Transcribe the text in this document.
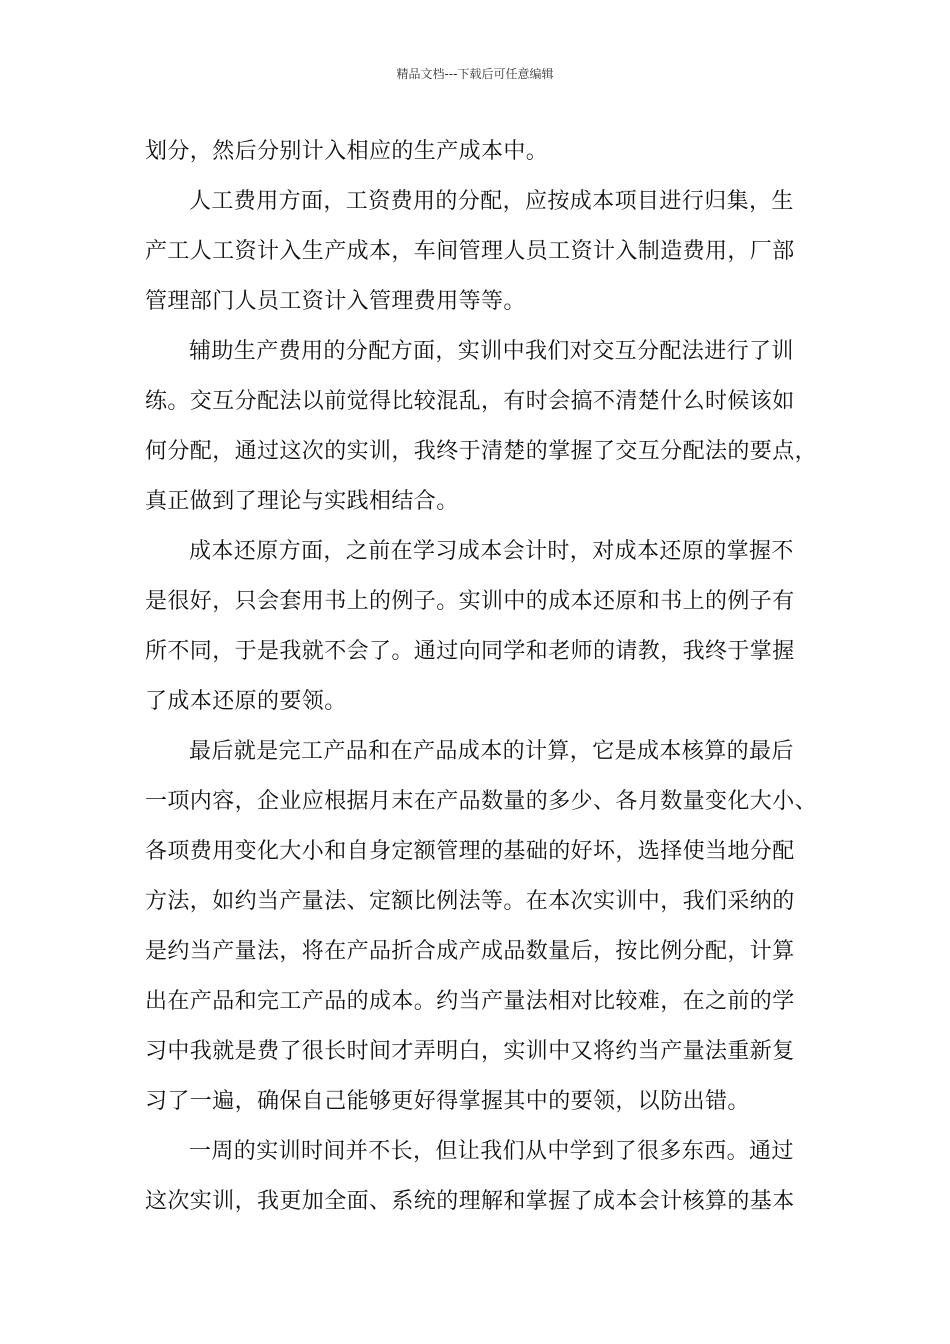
精品文档---下载后可任意编辑
划分，然后分别计入相应的生产成本中。
人工费用方面，工资费用的分配，应按成本项目进行归集，生
产工人工资计入生产成本，车间管理人员工资计入制造费用，厂部
管理部门人员工资计入管理费用等等。
辅助生产费用的分配方面，实训中我们对交互分配法进行了训
练。交互分配法以前觉得比较混乱，有时会搞不清楚什么时候该如
何分配，通过这次的实训，我终于清楚的掌握了交互分配法的要点，
真正做到了理论与实践相结合。
成本还原方面，之前在学习成本会计时，对成本还原的掌握不
是很好，只会套用书上的例子。实训中的成本还原和书上的例子有
所不同，于是我就不会了。通过向同学和老师的请教，我终于掌握
了成本还原的要领。
最后就是完工产品和在产品成本的计算，它是成本核算的最后
一项内容，企业应根据月末在产品数量的多少、各月数量变化大小、
各项费用变化大小和自身定额管理的基础的好坏，选择使当地分配
方法，如约当产量法、定额比例法等。在本次实训中，我们采纳的
是约当产量法，将在产品折合成产成品数量后，按比例分配，计算
出在产品和完工产品的成本。约当产量法相对比较难，在之前的学
习中我就是费了很长时间才弄明白，实训中又将约当产量法重新复
习了一遍，确保自己能够更好得掌握其中的要领，以防出错。
一周的实训时间并不长，但让我们从中学到了很多东西。通过
这次实训，我更加全面、系统的理解和掌握了成本会计核算的基本
